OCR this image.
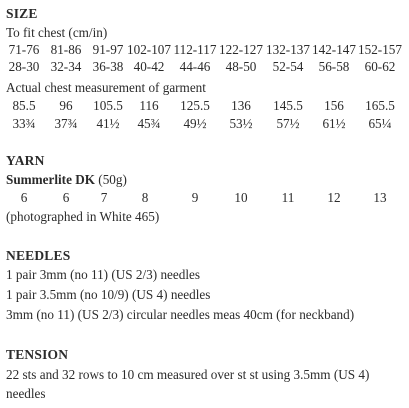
SIZE
To fit chest (cm/in)
71-76 81-86 91-97 102-107 112-117 122-127 132-137 142-147 152-157
28-30 32-34 36-38 40-42	44-46	48-50	52-54	56-58	60-62
Actual chest measurement of garment
85.5	96	105.5	116	125.5	136	145.5	156	165.5
33¾	37¾	41½	45¾	49½	53½	57½	61½	65¼
YARN
Summerlite DK (50g)
6	6	7	8	9	10	11	12	13
(photographed in White 465)
NEEDLES
1 pair 3mm (no 11) (US 2/3) needles
1 pair 3.5mm (no 10/9) (US 4) needles
3mm (no 11) (US 2/3) circular needles meas 40cm (for neckband)
TENSION
22 sts and 32 rows to 10 cm measured over st st using 3.5mm (US 4)
needles
